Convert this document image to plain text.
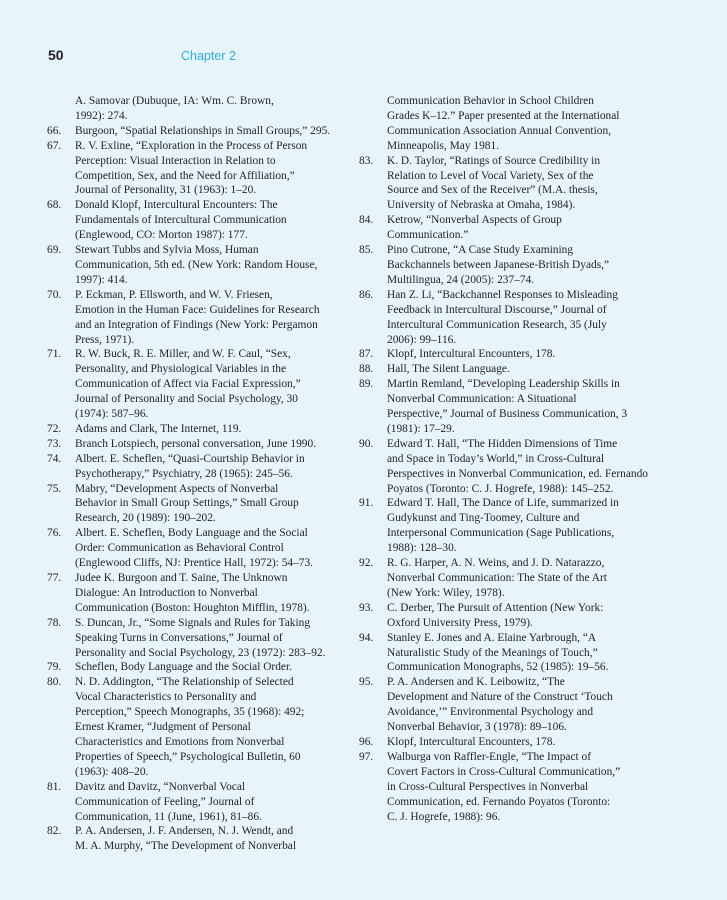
50	Chapter 2
A. Samovar (Dubuque, IA: Wm. C. Brown,
1992): 274.
66.	Burgoon, “Spatial Relationships in Small Groups,” 295.
67.	R. V. Exline, “Exploration in the Process of Person
Perception: Visual Interaction in Relation to
Competition, Sex, and the Need for Affiliation,”
Journal of Personality, 31 (1963): 1–20.
68.	Donald Klopf, Intercultural Encounters: The
Fundamentals of Intercultural Communication
(Englewood, CO: Morton 1987): 177.
69.	Stewart Tubbs and Sylvia Moss, Human
Communication, 5th ed. (New York: Random House,
1997): 414.
70.	P. Eckman, P. Ellsworth, and W. V. Friesen,
Emotion in the Human Face: Guidelines for Research
and an Integration of Findings (New York: Pergamon
Press, 1971).
71.	R. W. Buck, R. E. Miller, and W. F. Caul, “Sex,
Personality, and Physiological Variables in the
Communication of Affect via Facial Expression,”
Journal of Personality and Social Psychology, 30
(1974): 587–96.
72.	Adams and Clark, The Internet, 119.
73.	Branch Lotspiech, personal conversation, June 1990.
74.	Albert. E. Scheflen, “Quasi-Courtship Behavior in
Psychotherapy,” Psychiatry, 28 (1965): 245–56.
75.	Mabry, “Development Aspects of Nonverbal
Behavior in Small Group Settings,” Small Group
Research, 20 (1989): 190–202.
76.	Albert. E. Scheflen, Body Language and the Social
Order: Communication as Behavioral Control
(Englewood Cliffs, NJ: Prentice Hall, 1972): 54–73.
77.	Judee K. Burgoon and T. Saine, The Unknown
Dialogue: An Introduction to Nonverbal
Communication (Boston: Houghton Mifflin, 1978).
78.	S. Duncan, Jr., “Some Signals and Rules for Taking
Speaking Turns in Conversations,” Journal of
Personality and Social Psychology, 23 (1972): 283–92.
79.	Scheflen, Body Language and the Social Order.
80.	N. D. Addington, “The Relationship of Selected
Vocal Characteristics to Personality and
Perception,” Speech Monographs, 35 (1968): 492;
Ernest Kramer, “Judgment of Personal
Characteristics and Emotions from Nonverbal
Properties of Speech,” Psychological Bulletin, 60
(1963): 408–20.
81.	Davitz and Davitz, “Nonverbal Vocal
Communication of Feeling,” Journal of
Communication, 11 (June, 1961), 81–86.
82.	P. A. Andersen, J. F. Andersen, N. J. Wendt, and
M. A. Murphy, “The Development of Nonverbal
Communication Behavior in School Children
Grades K–12.” Paper presented at the International
Communication Association Annual Convention,
Minneapolis, May 1981.
83.	K. D. Taylor, “Ratings of Source Credibility in
Relation to Level of Vocal Variety, Sex of the
Source and Sex of the Receiver” (M.A. thesis,
University of Nebraska at Omaha, 1984).
84.	Ketrow, “Nonverbal Aspects of Group
Communication.”
85.	Pino Cutrone, “A Case Study Examining
Backchannels between Japanese-British Dyads,”
Multilingua, 24 (2005): 237–74.
86.	Han Z. Li, “Backchannel Responses to Misleading
Feedback in Intercultural Discourse,” Journal of
Intercultural Communication Research, 35 (July
2006): 99–116.
87.	Klopf, Intercultural Encounters, 178.
88.	Hall, The Silent Language.
89.	Martin Remland, “Developing Leadership Skills in
Nonverbal Communication: A Situational
Perspective,” Journal of Business Communication, 3
(1981): 17–29.
90.	Edward T. Hall, “The Hidden Dimensions of Time
and Space in Today’s World,” in Cross-Cultural
Perspectives in Nonverbal Communication, ed. Fernando
Poyatos (Toronto: C. J. Hogrefe, 1988): 145–252.
91.	Edward T. Hall, The Dance of Life, summarized in
Gudykunst and Ting-Toomey, Culture and
Interpersonal Communication (Sage Publications,
1988): 128–30.
92.	R. G. Harper, A. N. Weins, and J. D. Natarazzo,
Nonverbal Communication: The State of the Art
(New York: Wiley, 1978).
93.	C. Derber, The Pursuit of Attention (New York:
Oxford University Press, 1979).
94.	Stanley E. Jones and A. Elaine Yarbrough, “A
Naturalistic Study of the Meanings of Touch,”
Communication Monographs, 52 (1985): 19–56.
95.	P. A. Andersen and K. Leibowitz, “The
Development and Nature of the Construct ‘Touch
Avoidance,’” Environmental Psychology and
Nonverbal Behavior, 3 (1978): 89–106.
96.	Klopf, Intercultural Encounters, 178.
97.	Walburga von Raffler-Engle, “The Impact of
Covert Factors in Cross-Cultural Communication,”
in Cross-Cultural Perspectives in Nonverbal
Communication, ed. Fernando Poyatos (Toronto:
C. J. Hogrefe, 1988): 96.
